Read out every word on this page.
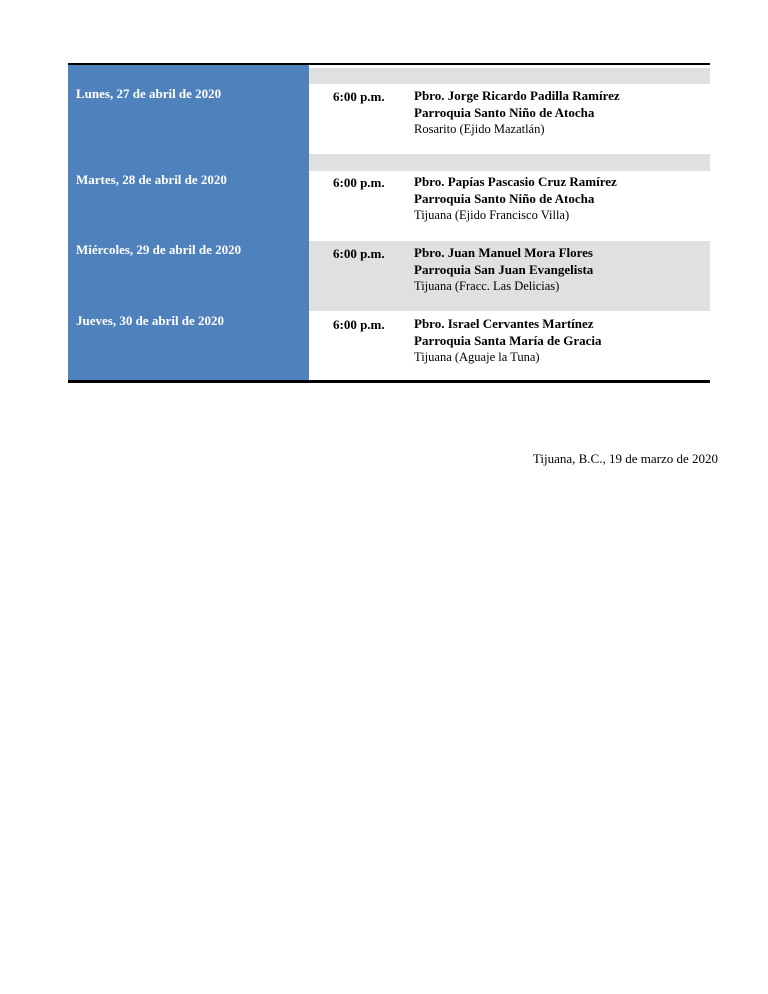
Lunes, 27 de abril de 2020	6:00 p.m. Pbro. Jorge Ricardo Padilla Ramírez
Parroquia Santo Niño de Atocha
Rosarito (Ejido Mazatlán)
Martes, 28 de abril de 2020	6:00 p.m. Pbro. Papías Pascasio Cruz Ramírez
Parroquia Santo Niño de Atocha
Tijuana (Ejido Francisco Villa)
Miércoles, 29 de abril de 2020	6:00 p.m. Pbro. Juan Manuel Mora Flores
Parroquia San Juan Evangelista
Tijuana (Fracc. Las Delicias)
Jueves, 30 de abril de 2020	6:00 p.m. Pbro. Israel Cervantes Martínez
Parroquia Santa María de Gracia
Tijuana (Aguaje la Tuna)
Tijuana, B.C., 19 de marzo de 2020
